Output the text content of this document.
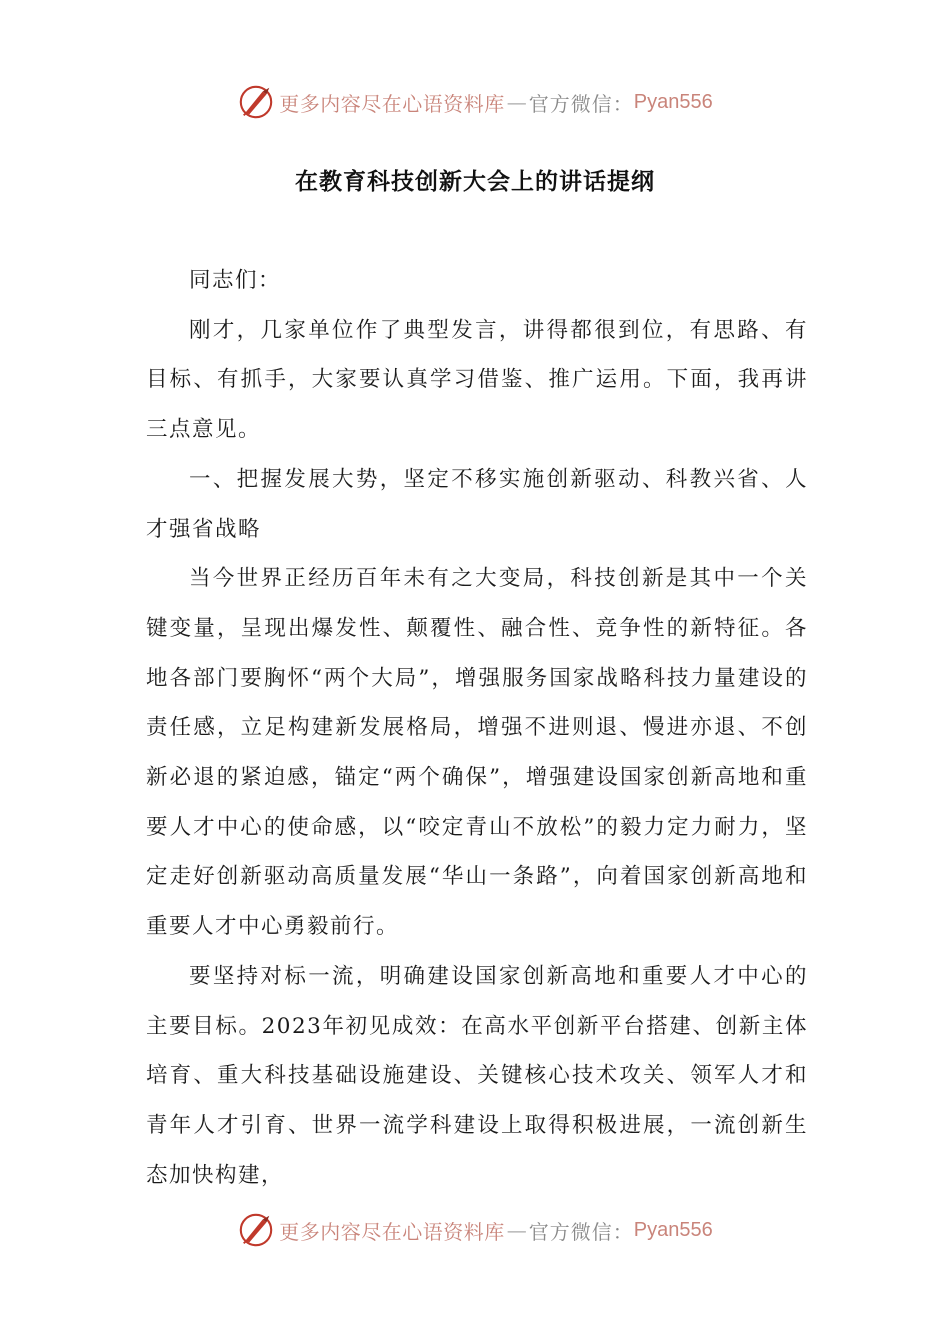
更多内容尽在心语资料库 — 官方微信： Pyan556
在教育科技创新大会上的讲话提纲

同志们：

刚才，几家单位作了典型发言，讲得都很到位，有思路、有目标、有抓手，大家要认真学习借鉴、推广运用。下面，我再讲三点意见。

一、把握发展大势，坚定不移实施创新驱动、科教兴省、人才强省战略

当今世界正经历百年未有之大变局，科技创新是其中一个关键变量，呈现出爆发性、颠覆性、融合性、竞争性的新特征。各地各部门要胸怀“两个大局”，增强服务国家战略科技力量建设的责任感，立足构建新发展格局，增强不进则退、慢进亦退、不创新必退的紧迫感，锚定“两个确保”，增强建设国家创新高地和重要人才中心的使命感，以“咬定青山不放松”的毅力定力耐力，坚定走好创新驱动高质量发展“华山一条路”，向着国家创新高地和重要人才中心勇毅前行。

要坚持对标一流，明确建设国家创新高地和重要人才中心的主要目标。2023年初见成效：在高水平创新平台搭建、创新主体培育、重大科技基础设施建设、关键核心技术攻关、领军人才和青年人才引育、世界一流学科建设上取得积极进展，一流创新生态加快构建，

更多内容尽在心语资料库 — 官方微信： Pyan556
